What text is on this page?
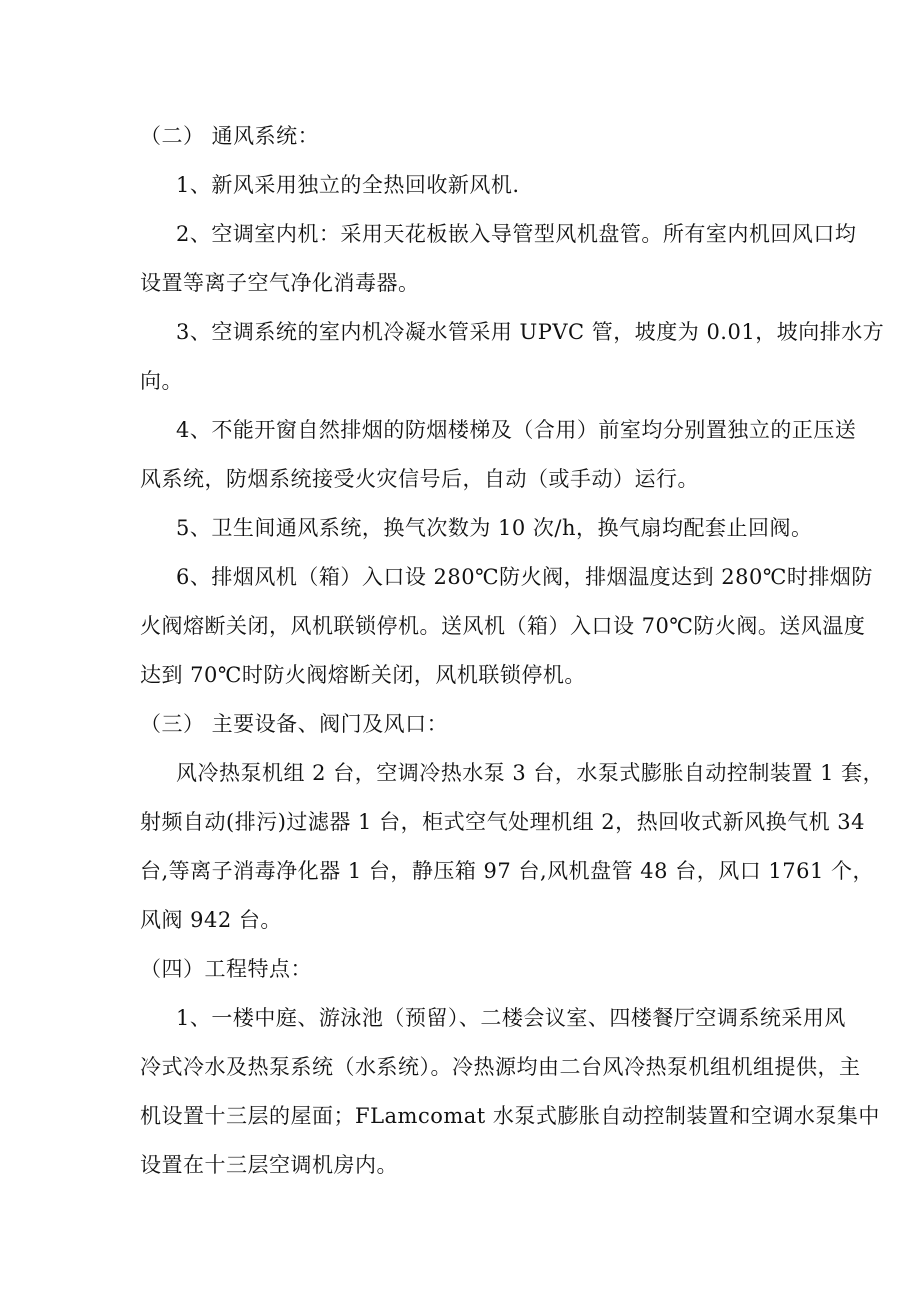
（二） 通风系统：
1、新风采用独立的全热回收新风机.
2、空调室内机：采用天花板嵌入导管型风机盘管。所有室内机回风口均
设置等离子空气净化消毒器。
3、空调系统的室内机冷凝水管采用 UPVC 管，坡度为 0.01，坡向排水方
向。
4、不能开窗自然排烟的防烟楼梯及（合用）前室均分别置独立的正压送
风系统，防烟系统接受火灾信号后，自动（或手动）运行。
5、卫生间通风系统，换气次数为 10 次/h，换气扇均配套止回阀。
6、排烟风机（箱）入口设 280℃防火阀，排烟温度达到 280℃时排烟防
火阀熔断关闭，风机联锁停机。送风机（箱）入口设 70℃防火阀。送风温度
达到 70℃时防火阀熔断关闭，风机联锁停机。
（三） 主要设备、阀门及风口：
风冷热泵机组 2 台，空调冷热水泵 3 台，水泵式膨胀自动控制装置 1 套，
射频自动(排污)过滤器 1 台，柜式空气处理机组 2，热回收式新风换气机 34
台,等离子消毒净化器 1 台，静压箱 97 台,风机盘管 48 台，风口 1761 个，
风阀 942 台。
（四）工程特点：
1、一楼中庭、游泳池（预留）、二楼会议室、四楼餐厅空调系统采用风
冷式冷水及热泵系统（水系统）。冷热源均由二台风冷热泵机组机组提供，主
机设置十三层的屋面；FLamcomat 水泵式膨胀自动控制装置和空调水泵集中
设置在十三层空调机房内。
